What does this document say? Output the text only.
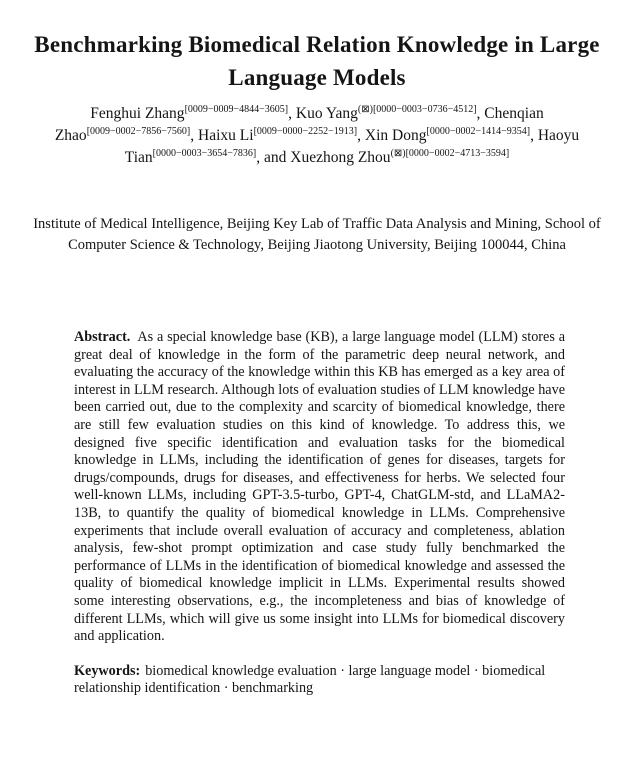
Benchmarking Biomedical Relation Knowledge in Large Language Models
Fenghui Zhang[0009−0009−4844−3605], Kuo Yang$^{(⊠)[0000-0003-0736-4512]}$, Chenqian Zhao[0009−0002−7856−7560], Haixu Li[0009−0000−2252−1913], Xin Dong[0000−0002−1414−9354], Haoyu Tian[0000−0003−3654−7836], and Xuezhong Zhou$^{(⊠)[0000-0002-4713-3594]}$
Institute of Medical Intelligence, Beijing Key Lab of Traffic Data Analysis and Mining, School of Computer Science & Technology, Beijing Jiaotong University, Beijing 100044, China

Abstract. As a special knowledge base (KB), a large language model (LLM) stores a great deal of knowledge in the form of the parametric deep neural network, and evaluating the accuracy of the knowledge within this KB has emerged as a key area of interest in LLM research. Although lots of evaluation studies of LLM knowledge have been carried out, due to the complexity and scarcity of biomedical knowledge, there are still few evaluation studies on this kind of knowledge. To address this, we designed five specific identification and evaluation tasks for the biomedical knowledge in LLMs, including the identification of genes for diseases, targets for drugs/compounds, drugs for diseases, and effectiveness for herbs. We selected four well-known LLMs, including GPT-3.5-turbo, GPT-4, ChatGLM-std, and LLaMA2-13B, to quantify the quality of biomedical knowledge in LLMs. Comprehensive experiments that include overall evaluation of accuracy and completeness, ablation analysis, few-shot prompt optimization and case study fully benchmarked the performance of LLMs in the identification of biomedical knowledge and assessed the quality of biomedical knowledge implicit in LLMs. Experimental results showed some interesting observations, e.g., the incompleteness and bias of knowledge of different LLMs, which will give us some insight into LLMs for biomedical discovery and application.

Keywords: biomedical knowledge evaluation · large language model · biomedical relationship identification · benchmarking
